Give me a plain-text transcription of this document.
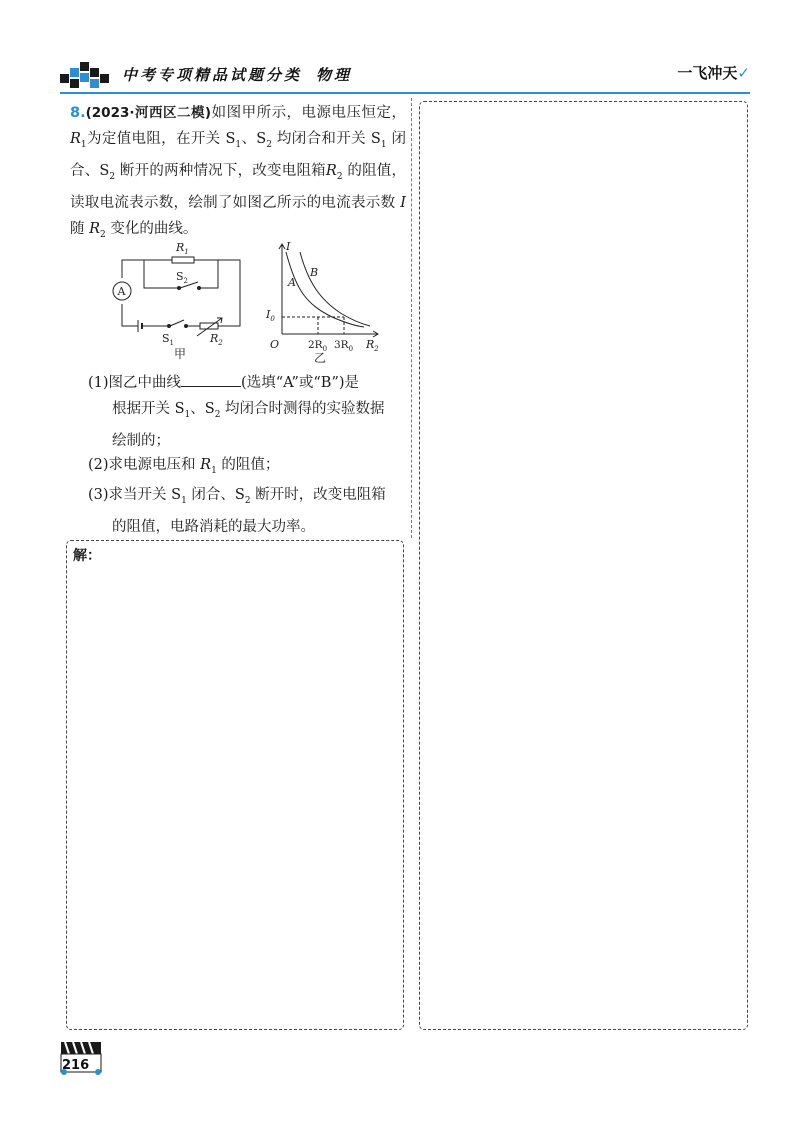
中考专项精品试题分类 物理	一飞冲天✓

8.(2023·河西区二模)如图甲所示，电源电压恒定，$R_1$为定值电阻，在开关 $S_1$、$S_2$ 均闭合和开关 $S_1$ 闭合、$S_2$ 断开的两种情况下，改变电阻箱$R_2$ 的阻值，读取电流表示数，绘制了如图乙所示的电流表示数 I 随 $R_2$ 变化的曲线。

A
$R_1$
$S_2$
$S_1$	$R_2$
甲
I
$R_2$
O
A
B
$I_0$
$2R_0$ $3R_0$
乙
(1)图乙中曲线	(选填“A”或“B”)是
根据开关 $S_1$、$S_2$ 均闭合时测得的实验数据
绘制的；
(2)求电源电压和 $R_1$ 的阻值；
(3)求当开关 $S_1$ 闭合、$S_2$ 断开时，改变电阻箱
的阻值，电路消耗的最大功率。
解：
216
